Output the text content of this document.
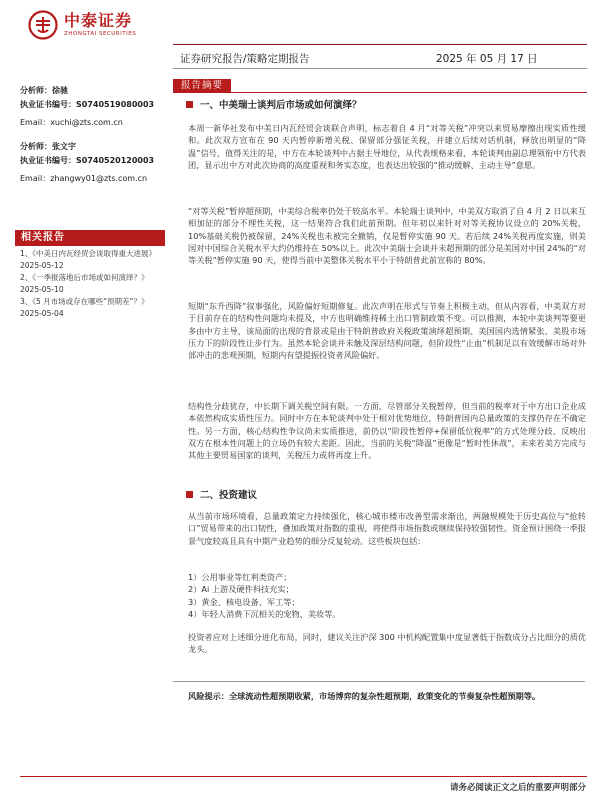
中泰证券
ZHONGTAI SECURITIES
证券研究报告/策略定期报告	2025 年 05 月 17 日
分析师：徐驰
执业证书编号：S0740519080003
Email：xuchi@zts.com.cn
分析师：张文宇
执业证书编号：S0740520120003
Email：zhangwy01@zts.com.cn
相关报告
1、《中美日内瓦经贸会谈取得重大进展》2025-05-12
2、《一季报落地后市场或如何演绎？》2025-05-10
3、《5 月市场或存在哪些“预期差”？》2025-05-04
报告摘要
一、中美瑞士谈判后市场或如何演绎？

本周一新华社发布中美日内瓦经贸会谈联合声明，标志着自 4 月“对等关税”冲突以来贸易摩擦出现实质性缓和。此次双方宣布在 90 天内暂停新增关税、保留部分强征关税，并建立后续对话机制，释放出明显的“降温”信号，值得关注的是，中方在本轮谈判中占据主导地位，从代表规格来看，本轮谈判由副总理领衔中方代表团，显示出中方对此次协商的高度重视和务实态度，也表达出较强的“推动缓解、主动主导”意愿。

“对等关税”暂停超预期，中美综合税率仍处于较高水平。本轮瑞士谈判中，中美双方取消了自 4 月 2 日以来互相加征的部分不理性关税，这一结果符合我们此前预期。但年初以来针对对等关税协议设立的 20%关税，10%基础关税仍被保留，24%关税也未被完全撤销，仅是暂停实施 90 天。若后续 24%关税再度实施，则美国对中国综合关税水平大约仍维持在 50%以上。此次中美瑞士会谈并未超预期的部分是美国对中国 24%的“对等关税”暂停实施 90 天，使得当前中美整体关税水平小于特朗普此前宣称的 80%。

短期“东升西降”叙事强化，风险偏好短期修复。此次声明在形式与节奏上积极主动，但从内容看，中美双方对于目前存在的结构性问题均未提及，中方也明确维持稀土出口管制政策不变。可以推测，本轮中美谈判等要更多由中方主导，该局面的出现的背景或是由于特朗普政府关税政策演绎超预期、美国国内选情紧张、美股市场压力下的阶段性让步行为。虽然本轮会谈并未触及深层结构问题，但阶段性“止血”机制足以有效缓解市场对外部冲击的悲观预期，短期内有望提振投资者风险偏好。

结构性分歧犹存，中长期下调关税空间有限。一方面，尽管部分关税暂停，但当前的税率对于中方出口企业成本依然构成实质性压力。同时中方在本轮谈判中处于相对优势地位，特朗普国内总量政策的支撑仍存在不确定性。另一方面，核心结构性争议尚未实质推进，前仍以“阶段性暂停+保留低位税率”的方式处理分歧，反映出双方在根本性问题上的立场仍有较大差距。因此，当前的关税“降温”更像是“暂时性休战”，未来若美方完成与其他主要贸易国家的谈判，关税压力或将再度上升。

二、投资建议

从当前市场环境看，总量政策定力持续强化，核心城市楼市改善型需求渐出，两融规模处于历史高位与“抢转口”贸易带来的出口韧性，叠加政策对指数的重视，将使得市场指数或继续保持较强韧性。资金预计围绕一季报景气度较高且具有中期产业趋势的细分反复轮动。这些板块包括：

1）公用事业等红利类资产；
2）Ai 上游及硬件科技充实；
3）黄金、核电设备、军工等；
4）年轻人消费下沉相关的宠物、美妆等。

投资者应对上述细分进化布局，同时，建议关注沪深 300 中机构配置集中度显著低于指数成分占比细分的质优龙头。

风险提示：全球流动性超预期收紧，市场博弈的复杂性超预期，政策变化的节奏复杂性超预期等。

请务必阅读正文之后的重要声明部分
